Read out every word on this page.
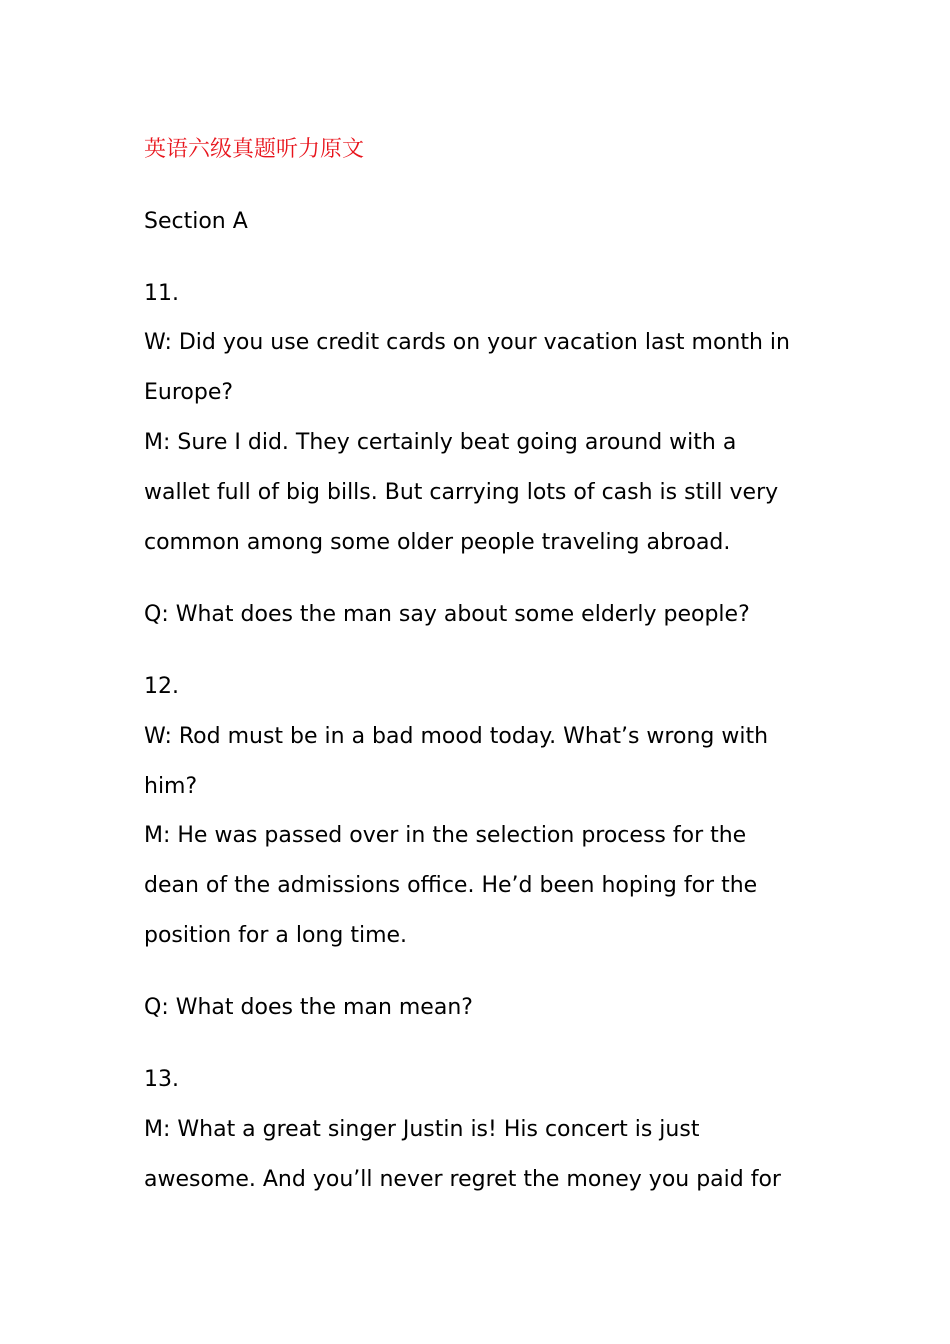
英语六级真题听力原文
Section A
11.
W: Did you use credit cards on your vacation last month in
Europe?
M: Sure I did. They certainly beat going around with a
wallet full of big bills. But carrying lots of cash is still very
common among some older people traveling abroad.
Q: What does the man say about some elderly people?
12.
W: Rod must be in a bad mood today. What’s wrong with
him?
M: He was passed over in the selection process for the
dean of the admissions office. He’d been hoping for the
position for a long time.
Q: What does the man mean?
13.
M: What a great singer Justin is! His concert is just
awesome. And you’ll never regret the money you paid for
